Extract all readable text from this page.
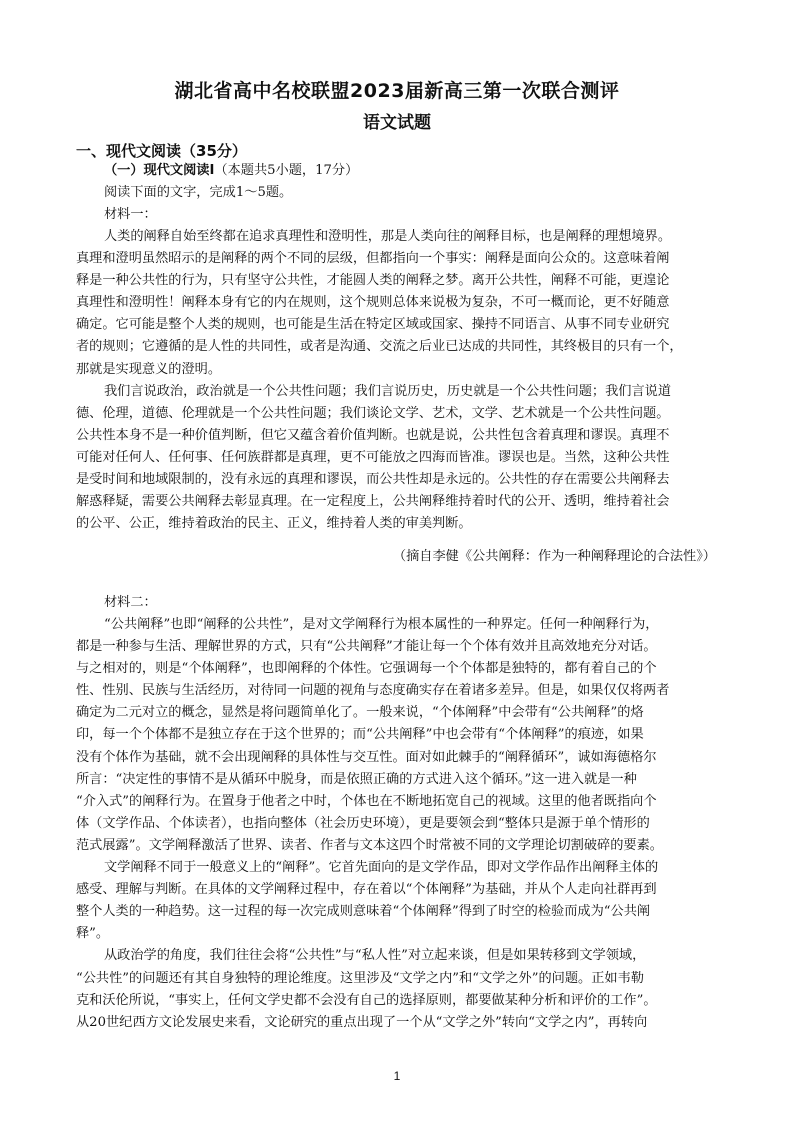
湖北省高中名校联盟2023届新高三第一次联合测评
语文试题
一、现代文阅读（35分）
（一）现代文阅读Ⅰ（本题共5小题，17分）
阅读下面的文字，完成1～5题。
材料一：
人类的阐释自始至终都在追求真理性和澄明性，那是人类向往的阐释目标，也是阐释的理想境界。
真理和澄明虽然昭示的是阐释的两个不同的层级，但都指向一个事实：阐释是面向公众的。这意味着阐
释是一种公共性的行为，只有坚守公共性，才能圆人类的阐释之梦。离开公共性，阐释不可能，更遑论
真理性和澄明性！阐释本身有它的内在规则，这个规则总体来说极为复杂，不可一概而论，更不好随意
确定。它可能是整个人类的规则，也可能是生活在特定区域或国家、操持不同语言、从事不同专业研究
者的规则；它遵循的是人性的共同性，或者是沟通、交流之后业已达成的共同性，其终极目的只有一个，
那就是实现意义的澄明。
我们言说政治，政治就是一个公共性问题；我们言说历史，历史就是一个公共性问题；我们言说道
德、伦理，道德、伦理就是一个公共性问题；我们谈论文学、艺术，文学、艺术就是一个公共性问题。
公共性本身不是一种价值判断，但它又蕴含着价值判断。也就是说，公共性包含着真理和谬误。真理不
可能对任何人、任何事、任何族群都是真理，更不可能放之四海而皆准。谬误也是。当然，这种公共性
是受时间和地域限制的，没有永远的真理和谬误，而公共性却是永远的。公共性的存在需要公共阐释去
解惑释疑，需要公共阐释去彰显真理。在一定程度上，公共阐释维持着时代的公开、透明，维持着社会
的公平、公正，维持着政治的民主、正义，维持着人类的审美判断。
（摘自李健《公共阐释：作为一种阐释理论的合法性》）
材料二：
“公共阐释”也即“阐释的公共性”，是对文学阐释行为根本属性的一种界定。任何一种阐释行为，
都是一种参与生活、理解世界的方式，只有“公共阐释”才能让每一个个体有效并且高效地充分对话。
与之相对的，则是“个体阐释”，也即阐释的个体性。它强调每一个个体都是独特的，都有着自己的个
性、性别、民族与生活经历，对待同一问题的视角与态度确实存在着诸多差异。但是，如果仅仅将两者
确定为二元对立的概念，显然是将问题简单化了。一般来说，“个体阐释”中会带有“公共阐释”的烙
印，每一个个体都不是独立存在于这个世界的；而“公共阐释”中也会带有“个体阐释”的痕迹，如果
没有个体作为基础，就不会出现阐释的具体性与交互性。面对如此棘手的“阐释循环”，诚如海德格尔
所言：“决定性的事情不是从循环中脱身，而是依照正确的方式进入这个循环。”这一进入就是一种
“介入式”的阐释行为。在置身于他者之中时，个体也在不断地拓宽自己的视域。这里的他者既指向个
体（文学作品、个体读者），也指向整体（社会历史环境），更是要领会到“整体只是源于单个情形的
范式展露”。文学阐释激活了世界、读者、作者与文本这四个时常被不同的文学理论切割破碎的要素。
文学阐释不同于一般意义上的“阐释”。它首先面向的是文学作品，即对文学作品作出阐释主体的
感受、理解与判断。在具体的文学阐释过程中，存在着以“个体阐释”为基础，并从个人走向社群再到
整个人类的一种趋势。这一过程的每一次完成则意味着“个体阐释”得到了时空的检验而成为“公共阐
释”。
从政治学的角度，我们往往会将“公共性”与“私人性”对立起来谈，但是如果转移到文学领域，
“公共性”的问题还有其自身独特的理论维度。这里涉及“文学之内”和“文学之外”的问题。正如韦勒
克和沃伦所说，“事实上，任何文学史都不会没有自己的选择原则，都要做某种分析和评价的工作”。
从20世纪西方文论发展史来看，文论研究的重点出现了一个从“文学之外”转向“文学之内”，再转向
1
